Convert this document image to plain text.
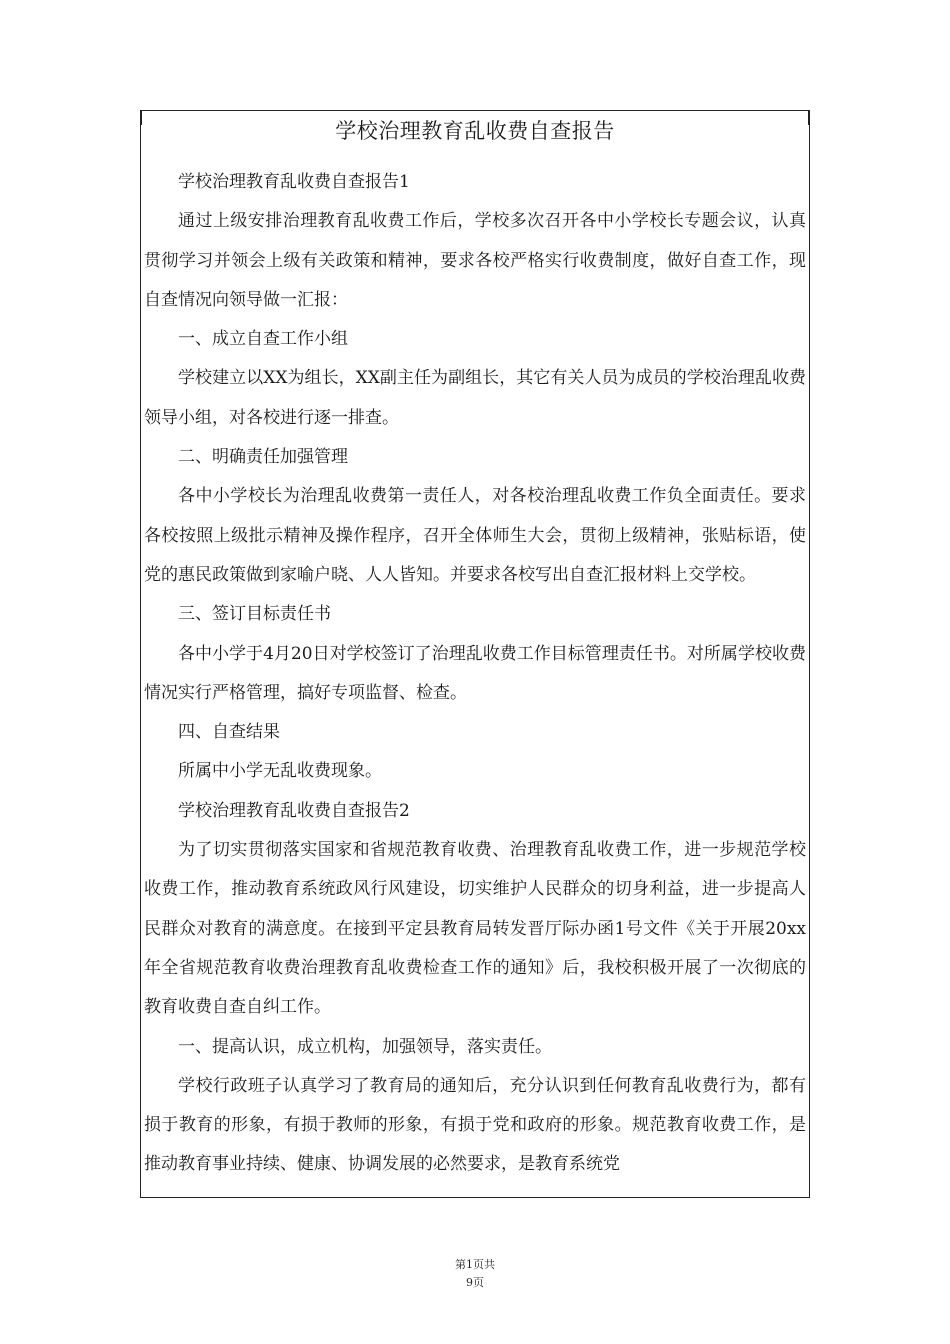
学校治理教育乱收费自查报告

学校治理教育乱收费自查报告1

通过上级安排治理教育乱收费工作后，学校多次召开各中小学校长专题会议，认真贯彻学习并领会上级有关政策和精神，要求各校严格实行收费制度，做好自查工作，现自查情况向领导做一汇报：

一、成立自查工作小组

学校建立以XX为组长，XX副主任为副组长，其它有关人员为成员的学校治理乱收费领导小组，对各校进行逐一排查。

二、明确责任加强管理

各中小学校长为治理乱收费第一责任人，对各校治理乱收费工作负全面责任。要求各校按照上级批示精神及操作程序，召开全体师生大会，贯彻上级精神，张贴标语，使党的惠民政策做到家喻户晓、人人皆知。并要求各校写出自查汇报材料上交学校。

三、签订目标责任书

各中小学于4月20日对学校签订了治理乱收费工作目标管理责任书。对所属学校收费情况实行严格管理，搞好专项监督、检查。

四、自查结果

所属中小学无乱收费现象。

学校治理教育乱收费自查报告2

为了切实贯彻落实国家和省规范教育收费、治理教育乱收费工作，进一步规范学校收费工作，推动教育系统政风行风建设，切实维护人民群众的切身利益，进一步提高人民群众对教育的满意度。在接到平定县教育局转发晋厅际办函1号文件《关于开展20xx年全省规范教育收费治理教育乱收费检查工作的通知》后，我校积极开展了一次彻底的教育收费自查自纠工作。

一、提高认识，成立机构，加强领导，落实责任。

学校行政班子认真学习了教育局的通知后，充分认识到任何教育乱收费行为，都有损于教育的形象，有损于教师的形象，有损于党和政府的形象。规范教育收费工作，是推动教育事业持续、健康、协调发展的必然要求，是教育系统党

第1页共
9页
